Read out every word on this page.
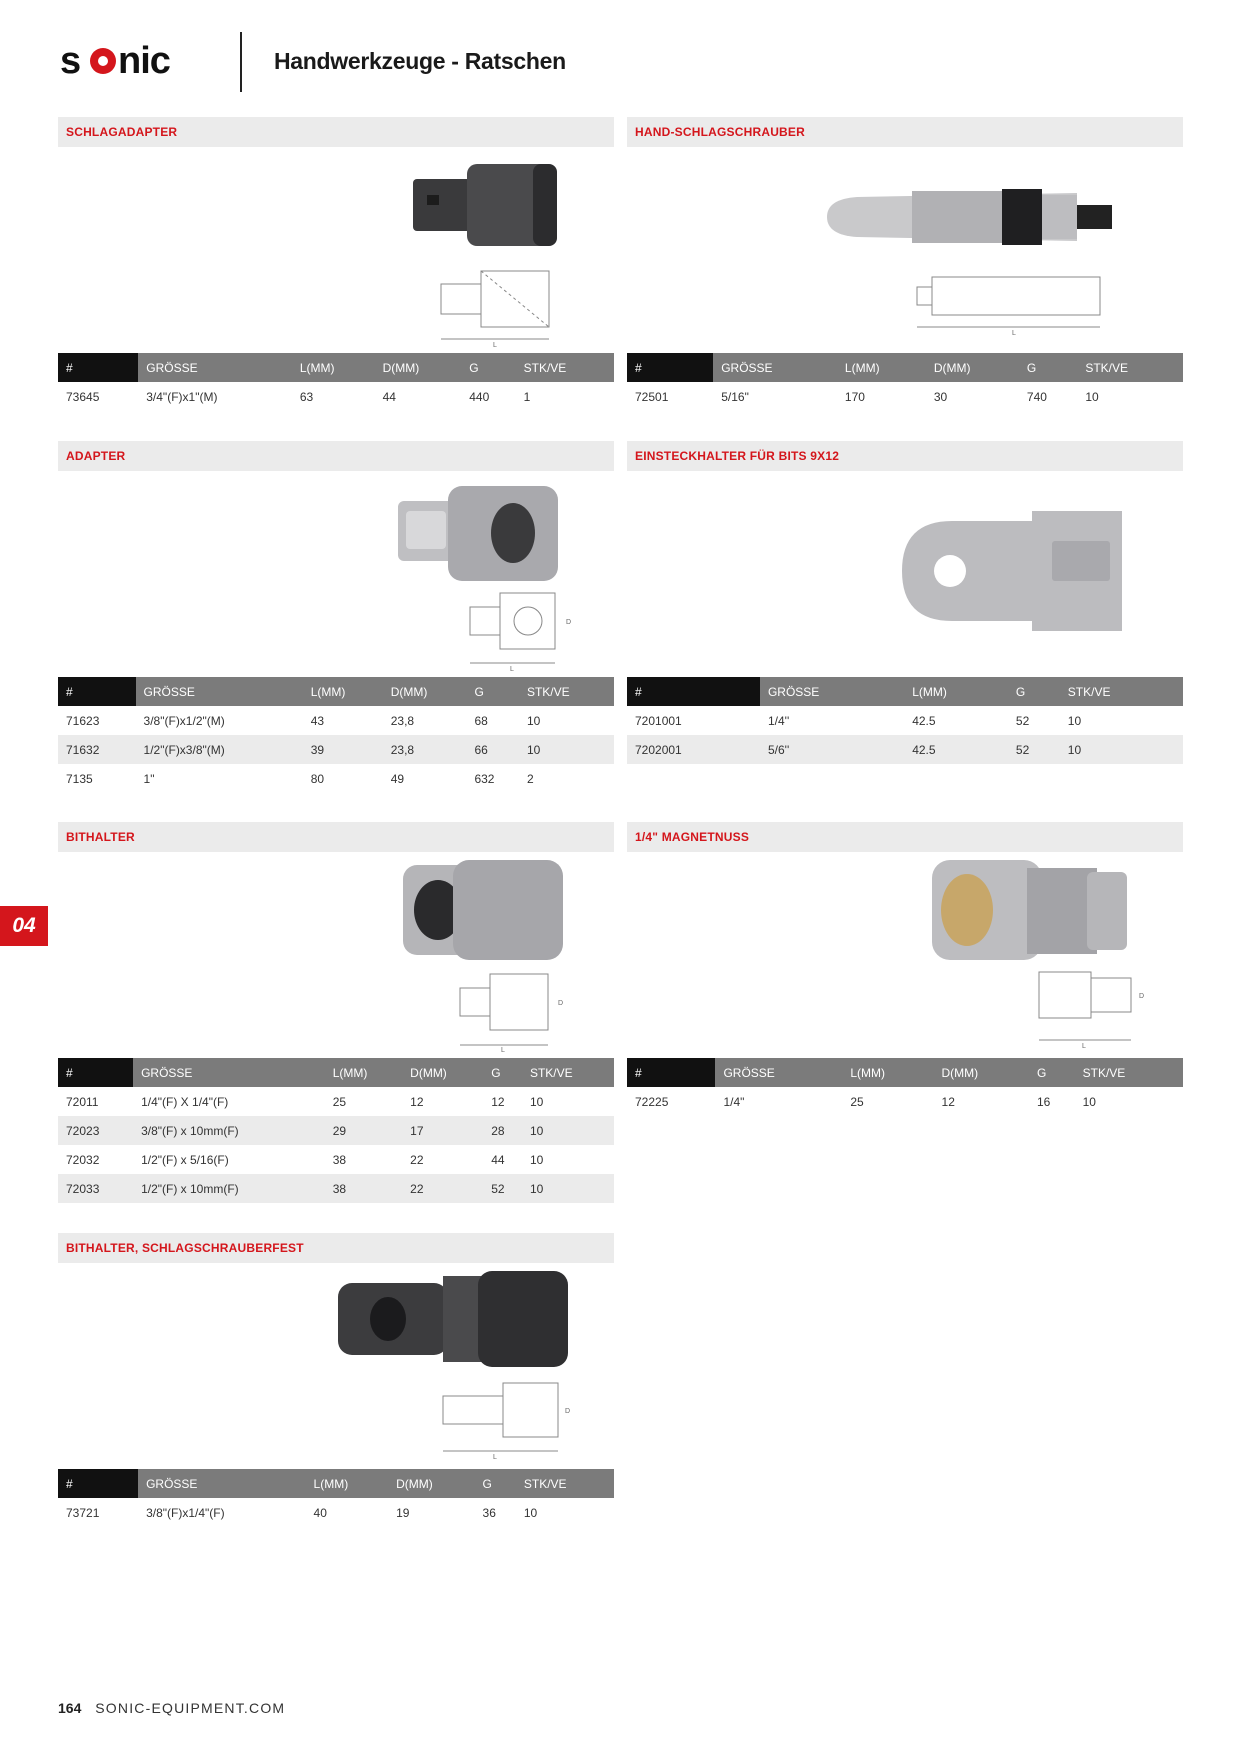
s nic	Handwerkzeuge - Ratschen
04
SCHLAGADAPTER
L
#	GRÖSSE	L(MM)	D(MM)	G	STK/VE
73645	3/4"(F)x1"(M)	63	44	440	1
HAND-SCHLAGSCHRAUBER
L
#	GRÖSSE	L(MM)	D(MM)	G	STK/VE
72501	5/16"	170	30	740	10
ADAPTER
L
D
#	GRÖSSE	L(MM)	D(MM)	G	STK/VE
71623	3/8"(F)x1/2"(M)	43	23,8	68	10
71632	1/2"(F)x3/8"(M)	39	23,8	66	10
7135	1"	80	49	632	2
EINSTECKHALTER FÜR BITS 9X12
#	GRÖSSE	L(MM)	G	STK/VE
7201001	1/4''	42.5	52	10
7202001	5/6''	42.5	52	10
BITHALTER
L
D
#	GRÖSSE	L(MM)	D(MM)	G	STK/VE
72011	1/4"(F) X 1/4"(F)	25	12	12	10
72023	3/8"(F) x 10mm(F)	29	17	28	10
72032	1/2"(F) x 5/16(F)	38	22	44	10
72033	1/2"(F) x 10mm(F)	38	22	52	10
1/4" MAGNETNUSS
L
D
#	GRÖSSE	L(MM)	D(MM)	G	STK/VE
72225	1/4"	25	12	16	10
BITHALTER, SCHLAGSCHRAUBERFEST
L
D
#	GRÖSSE	L(MM)	D(MM)	G	STK/VE
73721	3/8"(F)x1/4"(F)	40	19	36	10
164 SONIC-EQUIPMENT.COM
